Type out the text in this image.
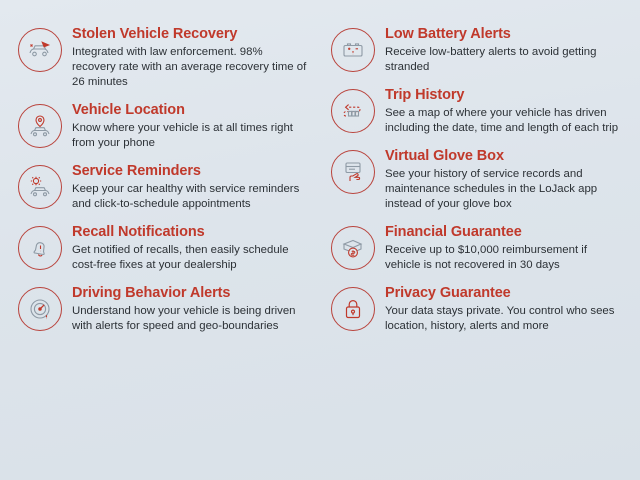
Stolen Vehicle Recovery

Integrated with law enforcement. 98% recovery rate with an average recovery time of 26 minutes

Vehicle Location

Know where your vehicle is at all times right from your phone

Service Reminders

Keep your car healthy with service reminders and click-to-schedule appointments

Recall Notifications

Get notified of recalls, then easily schedule cost-free fixes at your dealership

Driving Behavior Alerts

Understand how your vehicle is being driven with alerts for speed and geo-boundaries

Low Battery Alerts

Receive low-battery alerts to avoid getting stranded

Trip History

See a map of where your vehicle has driven including the date, time and length of each trip

Virtual Glove Box

See your history of service records and maintenance schedules in the LoJack app instead of your glove box

Financial Guarantee

Receive up to $10,000 reimbursement if vehicle is not recovered in 30 days

Privacy Guarantee

Your data stays private. You control who sees location, history, alerts and more
